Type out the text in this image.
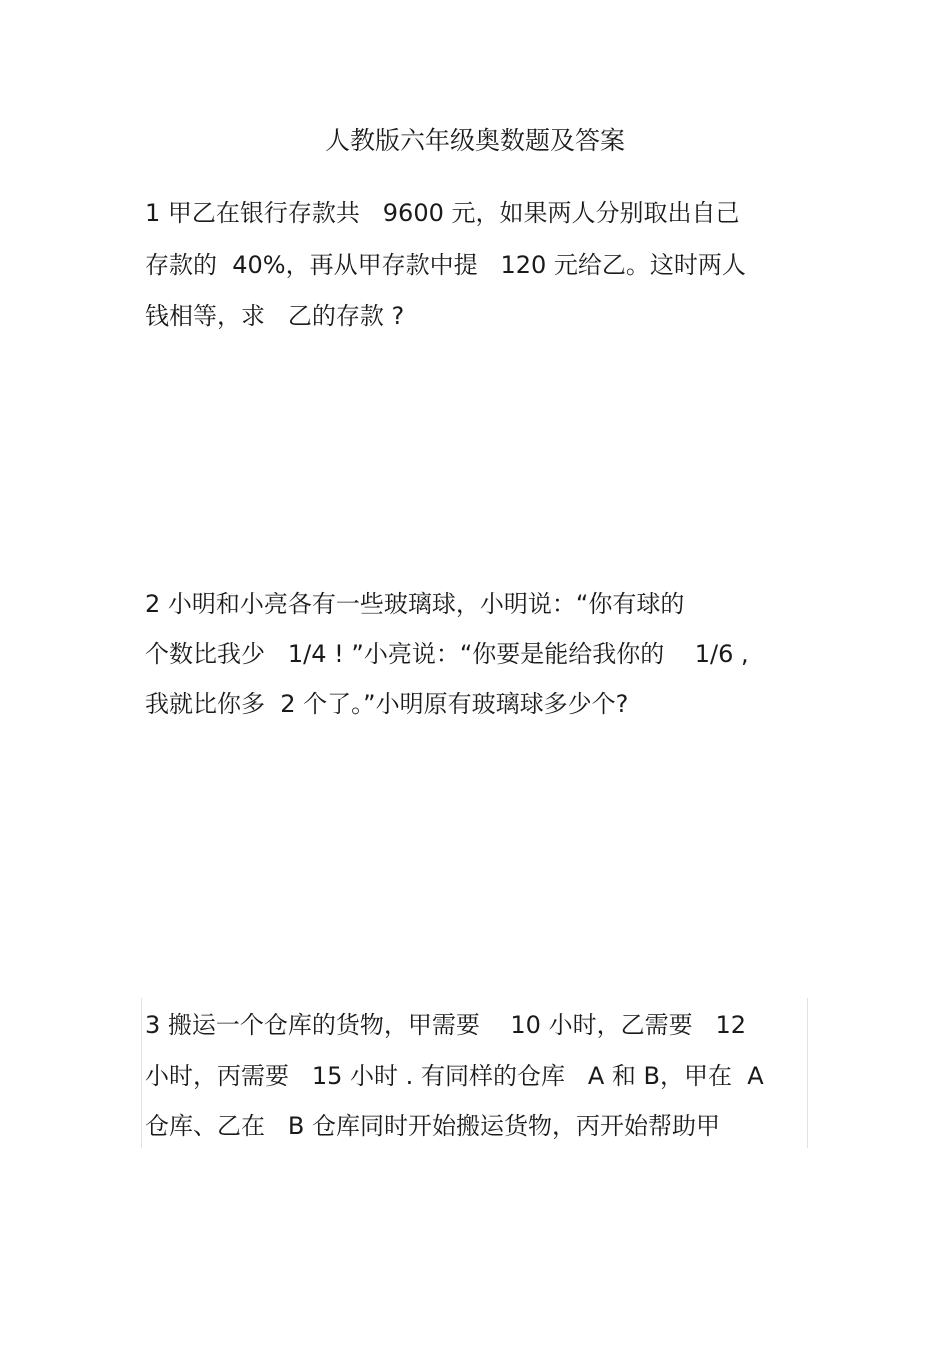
人教版六年级奥数题及答案
1 甲乙在银行存款共   9600 元，如果两人分别取出自己
存款的  40%，再从甲存款中提   120 元给乙。这时两人
钱相等，求   乙的存款 ?
2 小明和小亮各有一些玻璃球，小明说：“你有球的
个数比我少   1/4 ! ”小亮说：“你要是能给我你的    1/6 ,
我就比你多  2 个了。”小明原有玻璃球多少个?
3 搬运一个仓库的货物，甲需要    10 小时，乙需要   12
小时，丙需要   15 小时 . 有同样的仓库   A 和 B，甲在  A
仓库、乙在   B 仓库同时开始搬运货物，丙开始帮助甲
